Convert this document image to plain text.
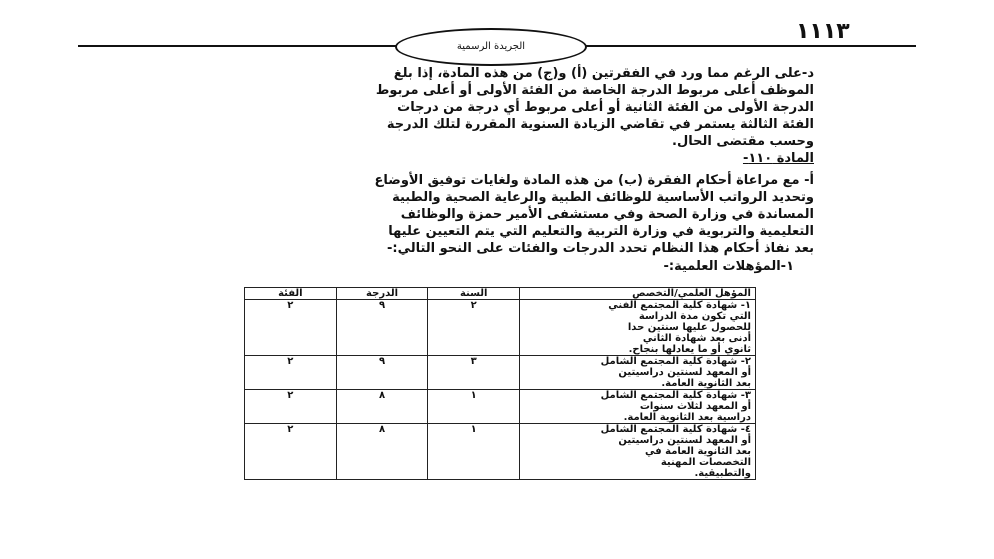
١١١٣
الجريدة الرسمية

د-على الرغم مما ورد في الفقرتين (أ) و(ج) من هذه المادة، إذا بلغ

الموظف أعلى مربوط الدرجة الخاصة من الفئة الأولى أو أعلى مربوط

الدرجة الأولى من الفئة الثانية أو أعلى مربوط أي درجة من درجات

الفئة الثالثة يستمر في تقاضي الزيادة السنوية المقررة لتلك الدرجة

وحسب مقتضى الحال.

المادة ١١٠-

أ- مع مراعاة أحكام الفقرة (ب) من هذه المادة ولغايات توفيق الأوضاع

وتحديد الرواتب الأساسية للوظائف الطبية والرعاية الصحية والطبية

المساندة في وزارة الصحة وفي مستشفى الأمير حمزة والوظائف

التعليمية والتربوية في وزارة التربية والتعليم التي يتم التعيين عليها

بعد نفاذ أحكام هذا النظام تحدد الدرجات والفئات على النحو التالي:-

١-المؤهلات العلمية:-
المؤهل العلمي/التخصص	السنة	الدرجة	الفئة

١- شهادة كلية المجتمع الفني
التي تكون مدة الدراسة
للحصول عليها سنتين حدا
أدنى بعد شهادة الثاني
ثانوي أو ما يعادلها بنجاح.	٢	٩	٢

٢- شهادة كلية المجتمع الشامل
أو المعهد لسنتين دراسيتين
بعد الثانوية العامة.	٣	٩	٢

٣- شهادة كلية المجتمع الشامل
أو المعهد لثلاث سنوات
دراسية بعد الثانوية العامة.	١	٨	٢

٤- شهادة كلية المجتمع الشامل
أو المعهد لسنتين دراسيتين
بعد الثانوية العامة في
التخصصات المهنية
والتطبيقية.	١	٨	٢
